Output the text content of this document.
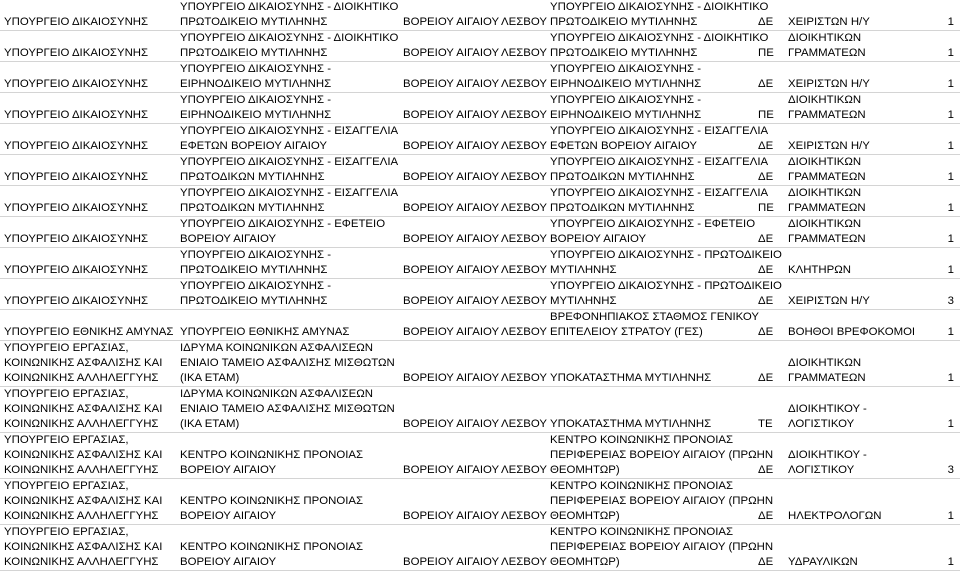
ΥΠΟΥΡΓΕΙΟ ΔΙΚΑΙΟΣΥΝΗΣ	ΥΠΟΥΡΓΕΙΟ ΔΙΚΑΙΟΣΥΝΗΣ - ΔΙΟΙΚΗΤΙΚΟ
ΠΡΩΤΟΔΙΚΕΙΟ ΜΥΤΙΛΗΝΗΣ	ΒΟΡΕΙΟΥ ΑΙΓΑΙΟΥ	ΛΕΣΒΟΥ	ΥΠΟΥΡΓΕΙΟ ΔΙΚΑΙΟΣΥΝΗΣ - ΔΙΟΙΚΗΤΙΚΟ
ΠΡΩΤΟΔΙΚΕΙΟ ΜΥΤΙΛΗΝΗΣ	ΔΕ	ΧΕΙΡΙΣΤΩΝ Η/Υ	1

ΥΠΟΥΡΓΕΙΟ ΔΙΚΑΙΟΣΥΝΗΣ	ΥΠΟΥΡΓΕΙΟ ΔΙΚΑΙΟΣΥΝΗΣ - ΔΙΟΙΚΗΤΙΚΟ
ΠΡΩΤΟΔΙΚΕΙΟ ΜΥΤΙΛΗΝΗΣ	ΒΟΡΕΙΟΥ ΑΙΓΑΙΟΥ	ΛΕΣΒΟΥ	ΥΠΟΥΡΓΕΙΟ ΔΙΚΑΙΟΣΥΝΗΣ - ΔΙΟΙΚΗΤΙΚΟ
ΠΡΩΤΟΔΙΚΕΙΟ ΜΥΤΙΛΗΝΗΣ	ΠΕ	ΔΙΟΙΚΗΤΙΚΩΝ
ΓΡΑΜΜΑΤΕΩΝ	1

ΥΠΟΥΡΓΕΙΟ ΔΙΚΑΙΟΣΥΝΗΣ	ΥΠΟΥΡΓΕΙΟ ΔΙΚΑΙΟΣΥΝΗΣ -
ΕΙΡΗΝΟΔΙΚΕΙΟ ΜΥΤΙΛΗΝΗΣ	ΒΟΡΕΙΟΥ ΑΙΓΑΙΟΥ	ΛΕΣΒΟΥ	ΥΠΟΥΡΓΕΙΟ ΔΙΚΑΙΟΣΥΝΗΣ -
ΕΙΡΗΝΟΔΙΚΕΙΟ ΜΥΤΙΛΗΝΗΣ	ΔΕ	ΧΕΙΡΙΣΤΩΝ Η/Υ	1

ΥΠΟΥΡΓΕΙΟ ΔΙΚΑΙΟΣΥΝΗΣ	ΥΠΟΥΡΓΕΙΟ ΔΙΚΑΙΟΣΥΝΗΣ -
ΕΙΡΗΝΟΔΙΚΕΙΟ ΜΥΤΙΛΗΝΗΣ	ΒΟΡΕΙΟΥ ΑΙΓΑΙΟΥ	ΛΕΣΒΟΥ	ΥΠΟΥΡΓΕΙΟ ΔΙΚΑΙΟΣΥΝΗΣ -
ΕΙΡΗΝΟΔΙΚΕΙΟ ΜΥΤΙΛΗΝΗΣ	ΠΕ	ΔΙΟΙΚΗΤΙΚΩΝ
ΓΡΑΜΜΑΤΕΩΝ	1

ΥΠΟΥΡΓΕΙΟ ΔΙΚΑΙΟΣΥΝΗΣ	ΥΠΟΥΡΓΕΙΟ ΔΙΚΑΙΟΣΥΝΗΣ - ΕΙΣΑΓΓΕΛΙΑ
ΕΦΕΤΩΝ ΒΟΡΕΙΟΥ ΑΙΓΑΙΟΥ	ΒΟΡΕΙΟΥ ΑΙΓΑΙΟΥ	ΛΕΣΒΟΥ	ΥΠΟΥΡΓΕΙΟ ΔΙΚΑΙΟΣΥΝΗΣ - ΕΙΣΑΓΓΕΛΙΑ
ΕΦΕΤΩΝ ΒΟΡΕΙΟΥ ΑΙΓΑΙΟΥ	ΔΕ	ΧΕΙΡΙΣΤΩΝ Η/Υ	1

ΥΠΟΥΡΓΕΙΟ ΔΙΚΑΙΟΣΥΝΗΣ	ΥΠΟΥΡΓΕΙΟ ΔΙΚΑΙΟΣΥΝΗΣ - ΕΙΣΑΓΓΕΛΙΑ
ΠΡΩΤΟΔΙΚΩΝ ΜΥΤΙΛΗΝΗΣ	ΒΟΡΕΙΟΥ ΑΙΓΑΙΟΥ	ΛΕΣΒΟΥ	ΥΠΟΥΡΓΕΙΟ ΔΙΚΑΙΟΣΥΝΗΣ - ΕΙΣΑΓΓΕΛΙΑ
ΠΡΩΤΟΔΙΚΩΝ ΜΥΤΙΛΗΝΗΣ	ΔΕ	ΔΙΟΙΚΗΤΙΚΩΝ
ΓΡΑΜΜΑΤΕΩΝ	1

ΥΠΟΥΡΓΕΙΟ ΔΙΚΑΙΟΣΥΝΗΣ	ΥΠΟΥΡΓΕΙΟ ΔΙΚΑΙΟΣΥΝΗΣ - ΕΙΣΑΓΓΕΛΙΑ
ΠΡΩΤΟΔΙΚΩΝ ΜΥΤΙΛΗΝΗΣ	ΒΟΡΕΙΟΥ ΑΙΓΑΙΟΥ	ΛΕΣΒΟΥ	ΥΠΟΥΡΓΕΙΟ ΔΙΚΑΙΟΣΥΝΗΣ - ΕΙΣΑΓΓΕΛΙΑ
ΠΡΩΤΟΔΙΚΩΝ ΜΥΤΙΛΗΝΗΣ	ΠΕ	ΔΙΟΙΚΗΤΙΚΩΝ
ΓΡΑΜΜΑΤΕΩΝ	1

ΥΠΟΥΡΓΕΙΟ ΔΙΚΑΙΟΣΥΝΗΣ	ΥΠΟΥΡΓΕΙΟ ΔΙΚΑΙΟΣΥΝΗΣ - ΕΦΕΤΕΙΟ
ΒΟΡΕΙΟΥ ΑΙΓΑΙΟΥ	ΒΟΡΕΙΟΥ ΑΙΓΑΙΟΥ	ΛΕΣΒΟΥ	ΥΠΟΥΡΓΕΙΟ ΔΙΚΑΙΟΣΥΝΗΣ - ΕΦΕΤΕΙΟ
ΒΟΡΕΙΟΥ ΑΙΓΑΙΟΥ	ΔΕ	ΔΙΟΙΚΗΤΙΚΩΝ
ΓΡΑΜΜΑΤΕΩΝ	1

ΥΠΟΥΡΓΕΙΟ ΔΙΚΑΙΟΣΥΝΗΣ	ΥΠΟΥΡΓΕΙΟ ΔΙΚΑΙΟΣΥΝΗΣ -
ΠΡΩΤΟΔΙΚΕΙΟ ΜΥΤΙΛΗΝΗΣ	ΒΟΡΕΙΟΥ ΑΙΓΑΙΟΥ	ΛΕΣΒΟΥ	ΥΠΟΥΡΓΕΙΟ ΔΙΚΑΙΟΣΥΝΗΣ - ΠΡΩΤΟΔΙΚΕΙΟ
ΜΥΤΙΛΗΝΗΣ	ΔΕ	ΚΛΗΤΗΡΩΝ	1

ΥΠΟΥΡΓΕΙΟ ΔΙΚΑΙΟΣΥΝΗΣ	ΥΠΟΥΡΓΕΙΟ ΔΙΚΑΙΟΣΥΝΗΣ -
ΠΡΩΤΟΔΙΚΕΙΟ ΜΥΤΙΛΗΝΗΣ	ΒΟΡΕΙΟΥ ΑΙΓΑΙΟΥ	ΛΕΣΒΟΥ	ΥΠΟΥΡΓΕΙΟ ΔΙΚΑΙΟΣΥΝΗΣ - ΠΡΩΤΟΔΙΚΕΙΟ
ΜΥΤΙΛΗΝΗΣ	ΔΕ	ΧΕΙΡΙΣΤΩΝ Η/Υ	3

ΥΠΟΥΡΓΕΙΟ ΕΘΝΙΚΗΣ ΑΜΥΝΑΣ	ΥΠΟΥΡΓΕΙΟ ΕΘΝΙΚΗΣ ΑΜΥΝΑΣ	ΒΟΡΕΙΟΥ ΑΙΓΑΙΟΥ	ΛΕΣΒΟΥ	ΒΡΕΦΟΝΗΠΙΑΚΟΣ ΣΤΑΘΜΟΣ ΓΕΝΙΚΟΥ
ΕΠΙΤΕΛΕΙΟΥ ΣΤΡΑΤΟΥ (ΓΕΣ)	ΔΕ	ΒΟΗΘΟΙ ΒΡΕΦΟΚΟΜΟΙ	1

ΥΠΟΥΡΓΕΙΟ ΕΡΓΑΣΙΑΣ,
ΚΟΙΝΩΝΙΚΗΣ ΑΣΦΑΛΙΣΗΣ ΚΑΙ
ΚΟΙΝΩΝΙΚΗΣ ΑΛΛΗΛΕΓΓΥΗΣ	ΙΔΡΥΜΑ ΚΟΙΝΩΝΙΚΩΝ ΑΣΦΑΛΙΣΕΩΝ
ΕΝΙΑΙΟ ΤΑΜΕΙΟ ΑΣΦΑΛΙΣΗΣ ΜΙΣΘΩΤΩΝ
(ΙΚΑ ΕΤΑΜ)	ΒΟΡΕΙΟΥ ΑΙΓΑΙΟΥ	ΛΕΣΒΟΥ	ΥΠΟΚΑΤΑΣΤΗΜΑ ΜΥΤΙΛΗΝΗΣ	ΔΕ	ΔΙΟΙΚΗΤΙΚΩΝ
ΓΡΑΜΜΑΤΕΩΝ	1

ΥΠΟΥΡΓΕΙΟ ΕΡΓΑΣΙΑΣ,
ΚΟΙΝΩΝΙΚΗΣ ΑΣΦΑΛΙΣΗΣ ΚΑΙ
ΚΟΙΝΩΝΙΚΗΣ ΑΛΛΗΛΕΓΓΥΗΣ	ΙΔΡΥΜΑ ΚΟΙΝΩΝΙΚΩΝ ΑΣΦΑΛΙΣΕΩΝ
ΕΝΙΑΙΟ ΤΑΜΕΙΟ ΑΣΦΑΛΙΣΗΣ ΜΙΣΘΩΤΩΝ
(ΙΚΑ ΕΤΑΜ)	ΒΟΡΕΙΟΥ ΑΙΓΑΙΟΥ	ΛΕΣΒΟΥ	ΥΠΟΚΑΤΑΣΤΗΜΑ ΜΥΤΙΛΗΝΗΣ	ΤΕ	ΔΙΟΙΚΗΤΙΚΟΥ -
ΛΟΓΙΣΤΙΚΟΥ	1

ΥΠΟΥΡΓΕΙΟ ΕΡΓΑΣΙΑΣ,
ΚΟΙΝΩΝΙΚΗΣ ΑΣΦΑΛΙΣΗΣ ΚΑΙ
ΚΟΙΝΩΝΙΚΗΣ ΑΛΛΗΛΕΓΓΥΗΣ	ΚΕΝΤΡΟ ΚΟΙΝΩΝΙΚΗΣ ΠΡΟΝΟΙΑΣ
ΒΟΡΕΙΟΥ ΑΙΓΑΙΟΥ	ΒΟΡΕΙΟΥ ΑΙΓΑΙΟΥ	ΛΕΣΒΟΥ	ΚΕΝΤΡΟ ΚΟΙΝΩΝΙΚΗΣ ΠΡΟΝΟΙΑΣ
ΠΕΡΙΦΕΡΕΙΑΣ ΒΟΡΕΙΟΥ ΑΙΓΑΙΟΥ (ΠΡΩΗΝ
ΘΕΟΜΗΤΩΡ)	ΔΕ	ΔΙΟΙΚΗΤΙΚΟΥ -
ΛΟΓΙΣΤΙΚΟΥ	3

ΥΠΟΥΡΓΕΙΟ ΕΡΓΑΣΙΑΣ,
ΚΟΙΝΩΝΙΚΗΣ ΑΣΦΑΛΙΣΗΣ ΚΑΙ
ΚΟΙΝΩΝΙΚΗΣ ΑΛΛΗΛΕΓΓΥΗΣ	ΚΕΝΤΡΟ ΚΟΙΝΩΝΙΚΗΣ ΠΡΟΝΟΙΑΣ
ΒΟΡΕΙΟΥ ΑΙΓΑΙΟΥ	ΒΟΡΕΙΟΥ ΑΙΓΑΙΟΥ	ΛΕΣΒΟΥ	ΚΕΝΤΡΟ ΚΟΙΝΩΝΙΚΗΣ ΠΡΟΝΟΙΑΣ
ΠΕΡΙΦΕΡΕΙΑΣ ΒΟΡΕΙΟΥ ΑΙΓΑΙΟΥ (ΠΡΩΗΝ
ΘΕΟΜΗΤΩΡ)	ΔΕ	ΗΛΕΚΤΡΟΛΟΓΩΝ	1

ΥΠΟΥΡΓΕΙΟ ΕΡΓΑΣΙΑΣ,
ΚΟΙΝΩΝΙΚΗΣ ΑΣΦΑΛΙΣΗΣ ΚΑΙ
ΚΟΙΝΩΝΙΚΗΣ ΑΛΛΗΛΕΓΓΥΗΣ	ΚΕΝΤΡΟ ΚΟΙΝΩΝΙΚΗΣ ΠΡΟΝΟΙΑΣ
ΒΟΡΕΙΟΥ ΑΙΓΑΙΟΥ	ΒΟΡΕΙΟΥ ΑΙΓΑΙΟΥ	ΛΕΣΒΟΥ	ΚΕΝΤΡΟ ΚΟΙΝΩΝΙΚΗΣ ΠΡΟΝΟΙΑΣ
ΠΕΡΙΦΕΡΕΙΑΣ ΒΟΡΕΙΟΥ ΑΙΓΑΙΟΥ (ΠΡΩΗΝ
ΘΕΟΜΗΤΩΡ)	ΔΕ	ΥΔΡΑΥΛΙΚΩΝ	1
